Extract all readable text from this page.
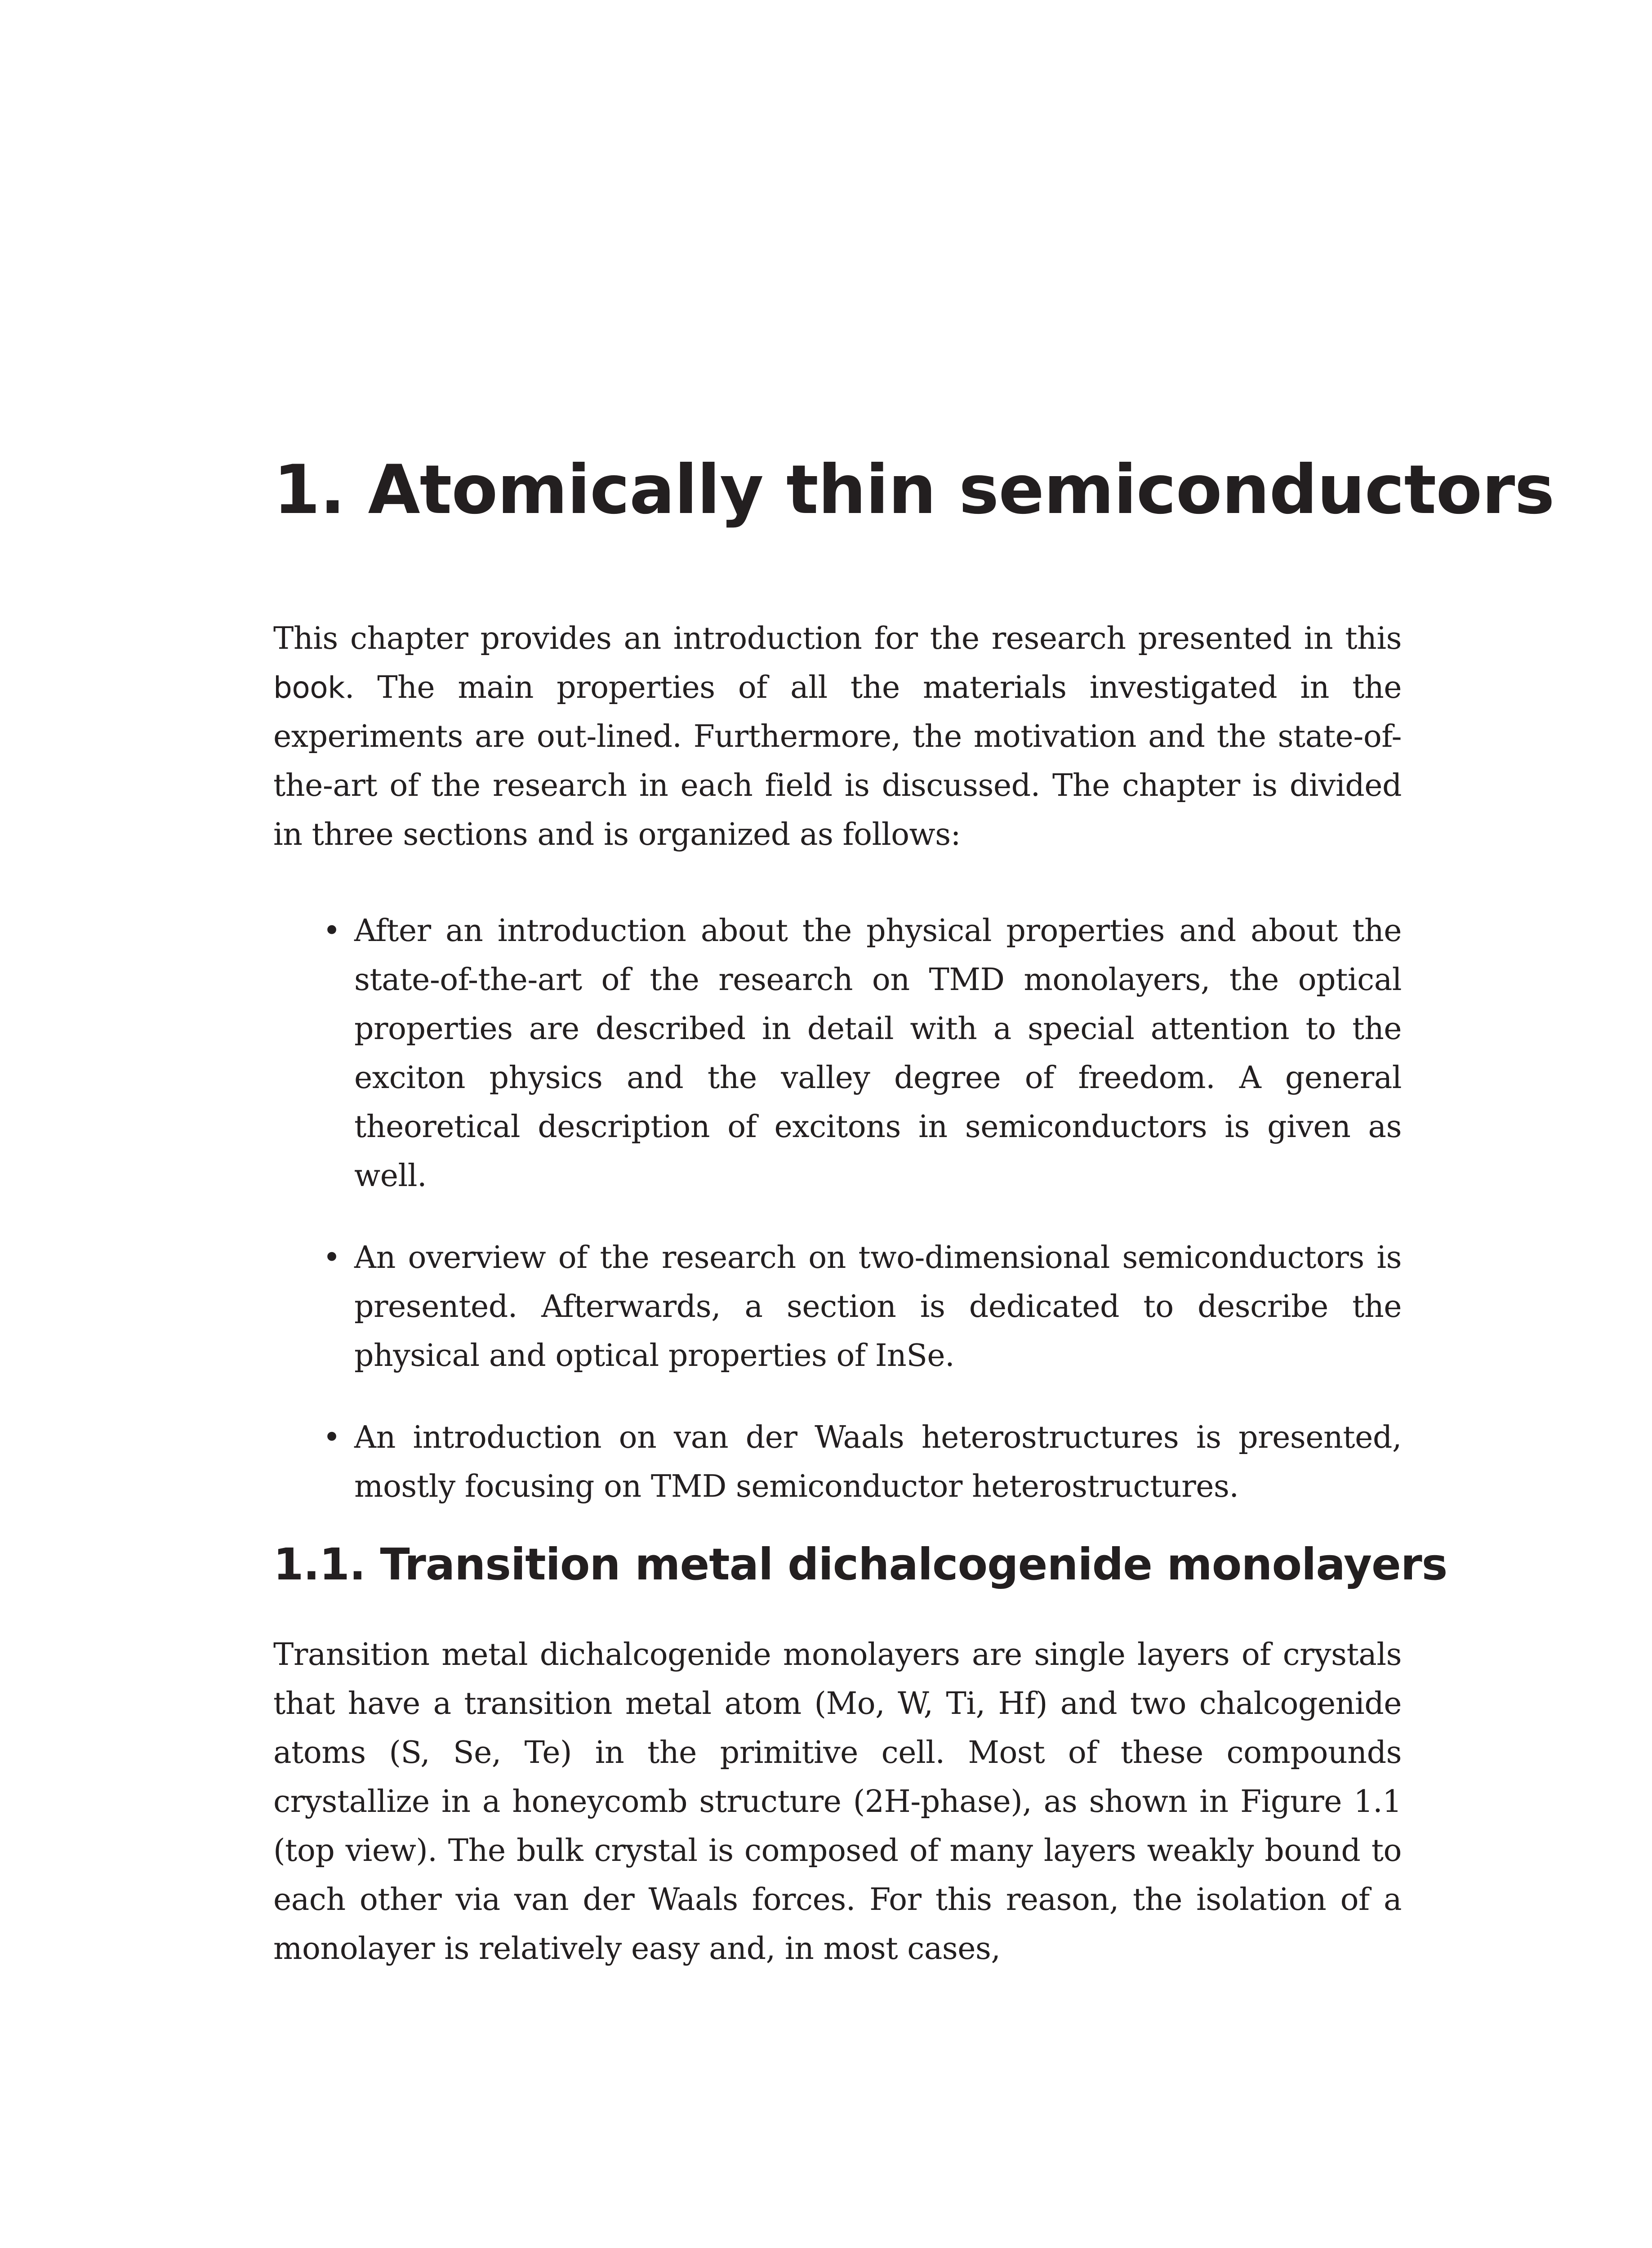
1. Atomically thin semiconductors

This chapter provides an introduction for the research presented in this book. The main properties of all the materials investigated in the experiments are out-lined. Furthermore, the motivation and the state-of-the-art of the research in each field is discussed. The chapter is divided in three sections and is organized as follows:

• After an introduction about the physical properties and about the state-of-the-art of the research on TMD monolayers, the optical properties are described in detail with a special attention to the exciton physics and the valley degree of freedom. A general theoretical description of excitons in semiconductors is given as well.

• An overview of the research on two-dimensional semiconductors is presented. Afterwards, a section is dedicated to describe the physical and optical properties of InSe.

• An introduction on van der Waals heterostructures is presented, mostly focusing on TMD semiconductor heterostructures.

1.1. Transition metal dichalcogenide monolayers

Transition metal dichalcogenide monolayers are single layers of crystals that have a transition metal atom (Mo, W, Ti, Hf) and two chalcogenide atoms (S, Se, Te) in the primitive cell. Most of these compounds crystallize in a honeycomb structure (2H-phase), as shown in Figure 1.1 (top view). The bulk crystal is composed of many layers weakly bound to each other via van der Waals forces. For this reason, the isolation of a monolayer is relatively easy and, in most cases,
